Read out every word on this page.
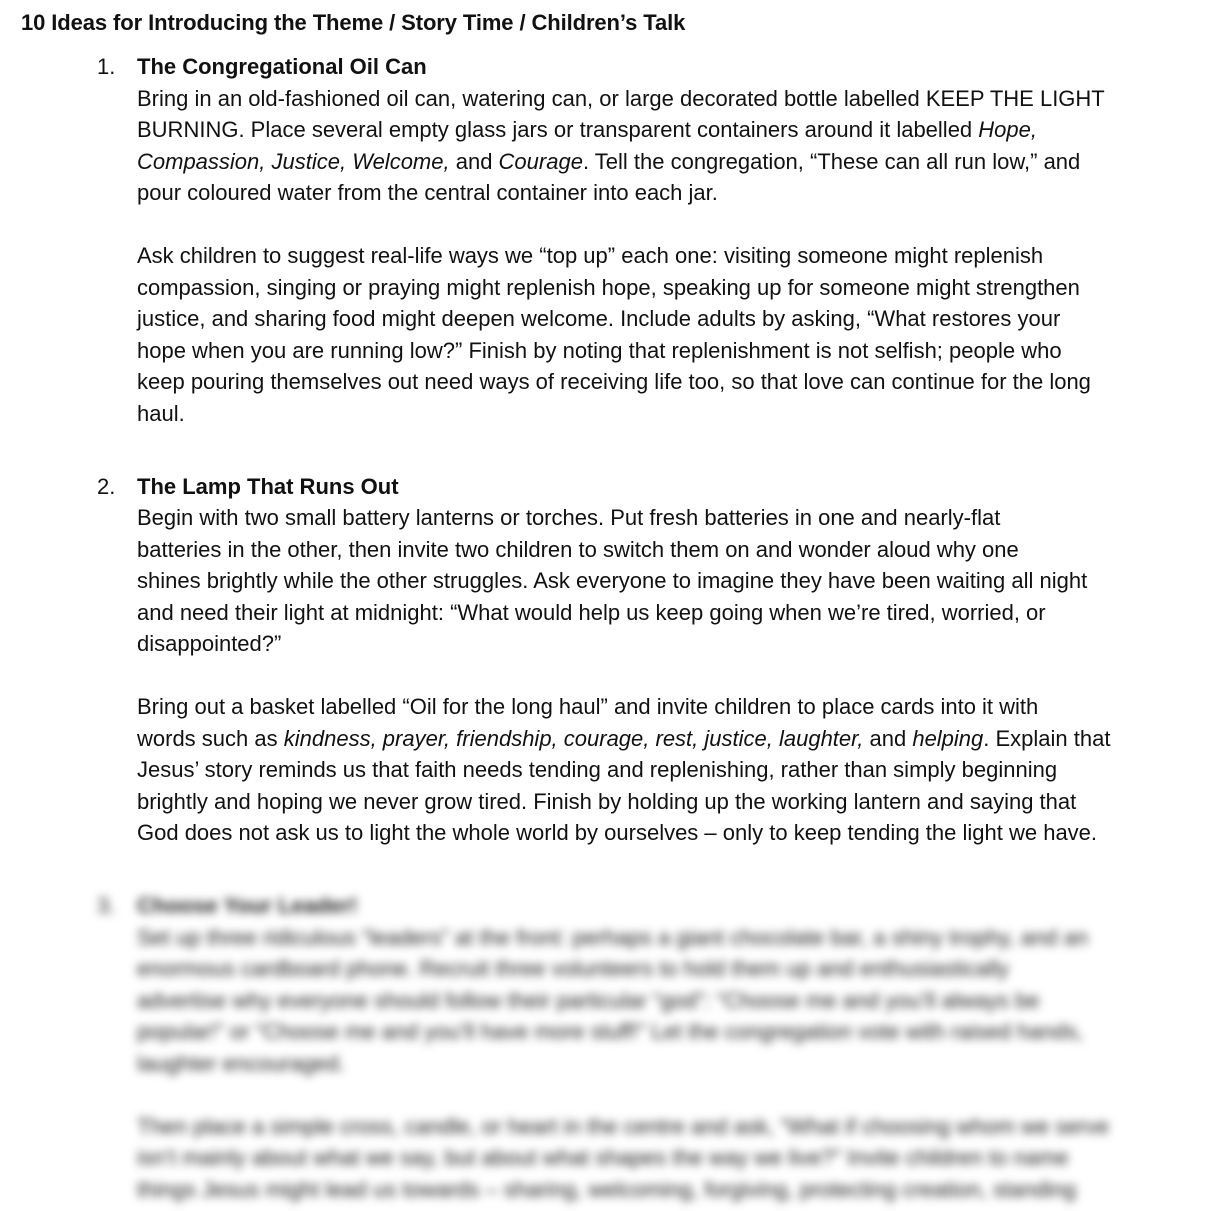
10 Ideas for Introducing the Theme / Story Time / Children’s Talk
1. The Congregational Oil Can
Bring in an old-fashioned oil can, watering can, or large decorated bottle labelled KEEP THE LIGHT
BURNING. Place several empty glass jars or transparent containers around it labelled Hope,
Compassion, Justice, Welcome, and Courage. Tell the congregation, “These can all run low,” and
pour coloured water from the central container into each jar.
Ask children to suggest real-life ways we “top up” each one: visiting someone might replenish
compassion, singing or praying might replenish hope, speaking up for someone might strengthen
justice, and sharing food might deepen welcome. Include adults by asking, “What restores your
hope when you are running low?” Finish by noting that replenishment is not selfish; people who
keep pouring themselves out need ways of receiving life too, so that love can continue for the long
haul.
2. The Lamp That Runs Out
Begin with two small battery lanterns or torches. Put fresh batteries in one and nearly-flat
batteries in the other, then invite two children to switch them on and wonder aloud why one
shines brightly while the other struggles. Ask everyone to imagine they have been waiting all night
and need their light at midnight: “What would help us keep going when we’re tired, worried, or
disappointed?”
Bring out a basket labelled “Oil for the long haul” and invite children to place cards into it with
words such as kindness, prayer, friendship, courage, rest, justice, laughter, and helping. Explain that
Jesus’ story reminds us that faith needs tending and replenishing, rather than simply beginning
brightly and hoping we never grow tired. Finish by holding up the working lantern and saying that
God does not ask us to light the whole world by ourselves – only to keep tending the light we have.
3. Choose Your Leader!
Set up three ridiculous “leaders” at the front: perhaps a giant chocolate bar, a shiny trophy, and an
enormous cardboard phone. Recruit three volunteers to hold them up and enthusiastically
advertise why everyone should follow their particular “god”: “Choose me and you’ll always be
popular!” or “Choose me and you’ll have more stuff!” Let the congregation vote with raised hands,
laughter encouraged.
Then place a simple cross, candle, or heart in the centre and ask, “What if choosing whom we serve
isn’t mainly about what we say, but about what shapes the way we live?” Invite children to name
things Jesus might lead us towards – sharing, welcoming, forgiving, protecting creation, standing
